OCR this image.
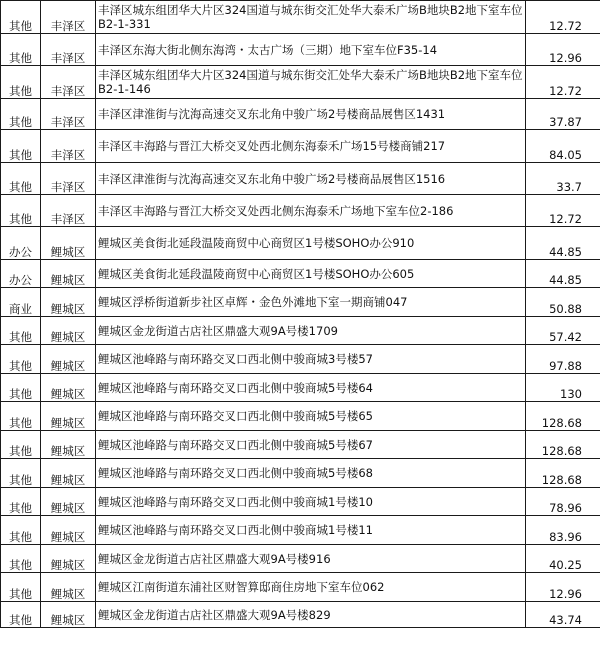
其他	丰泽区	丰泽区城东组团华大片区324国道与城东街交汇处华大泰禾广场B地块B2地下室车位B2-1-331	12.72
其他	丰泽区	丰泽区东海大街北侧东海湾・太古广场（三期）地下室车位F35-14	12.96
其他	丰泽区	丰泽区城东组团华大片区324国道与城东街交汇处华大泰禾广场B地块B2地下室车位B2-1-146	12.72
其他	丰泽区	丰泽区津淮街与沈海高速交叉东北角中骏广场2号楼商品展售区1431	37.87
其他	丰泽区	丰泽区丰海路与晋江大桥交叉处西北侧东海泰禾广场15号楼商铺217	84.05
其他	丰泽区	丰泽区津淮街与沈海高速交叉东北角中骏广场2号楼商品展售区1516	33.7
其他	丰泽区	丰泽区丰海路与晋江大桥交叉处西北侧东海泰禾广场地下室车位2-186	12.72
办公	鲤城区	鲤城区美食街北延段温陵商贸中心商贸区1号楼SOHO办公910	44.85
办公	鲤城区	鲤城区美食街北延段温陵商贸中心商贸区1号楼SOHO办公605	44.85
商业	鲤城区	鲤城区浮桥街道新步社区卓辉・金色外滩地下室一期商铺047	50.88
其他	鲤城区	鲤城区金龙街道古店社区鼎盛大观9A号楼1709	57.42
其他	鲤城区	鲤城区池峰路与南环路交叉口西北侧中骏商城3号楼57	97.88
其他	鲤城区	鲤城区池峰路与南环路交叉口西北侧中骏商城5号楼64	130
其他	鲤城区	鲤城区池峰路与南环路交叉口西北侧中骏商城5号楼65	128.68
其他	鲤城区	鲤城区池峰路与南环路交叉口西北侧中骏商城5号楼67	128.68
其他	鲤城区	鲤城区池峰路与南环路交叉口西北侧中骏商城5号楼68	128.68
其他	鲤城区	鲤城区池峰路与南环路交叉口西北侧中骏商城1号楼10	78.96
其他	鲤城区	鲤城区池峰路与南环路交叉口西北侧中骏商城1号楼11	83.96
其他	鲤城区	鲤城区金龙街道古店社区鼎盛大观9A号楼916	40.25
其他	鲤城区	鲤城区江南街道东浦社区财智算邸商住房地下室车位062	12.96
其他	鲤城区	鲤城区金龙街道古店社区鼎盛大观9A号楼829	43.74
